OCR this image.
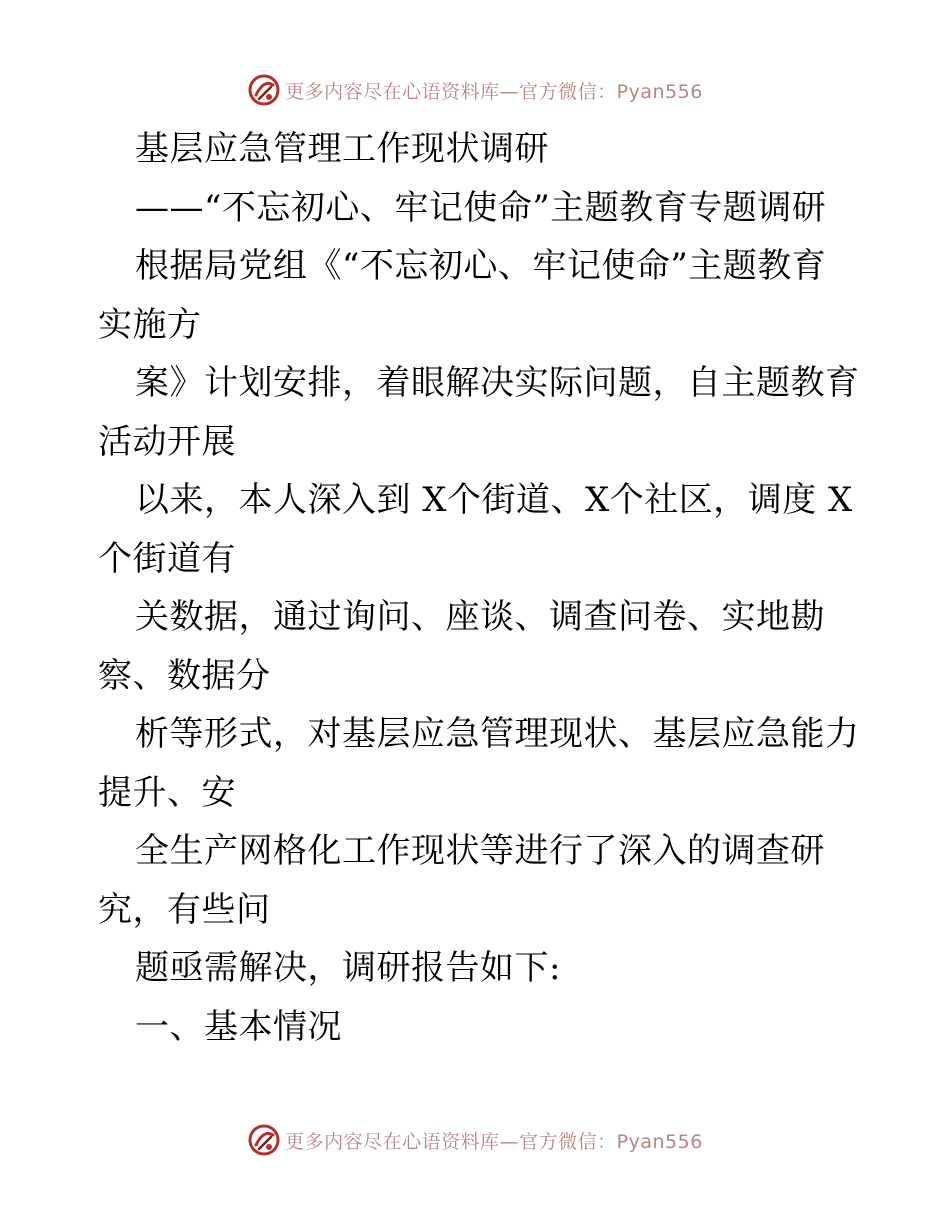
更多内容尽在心语资料库—官方微信：Pyan556
基层应急管理工作现状调研
——“不忘初心、牢记使命”主题教育专题调研
根据局党组《“不忘初心、牢记使命”主题教育
实施方
案》计划安排，着眼解决实际问题，自主题教育
活动开展
以来，本人深入到 X个街道、X个社区，调度 X
个街道有
关数据，通过询问、座谈、调查问卷、实地勘
察、数据分
析等形式，对基层应急管理现状、基层应急能力
提升、安
全生产网格化工作现状等进行了深入的调查研
究，有些问
题亟需解决，调研报告如下:
一、基本情况
更多内容尽在心语资料库—官方微信：Pyan556
